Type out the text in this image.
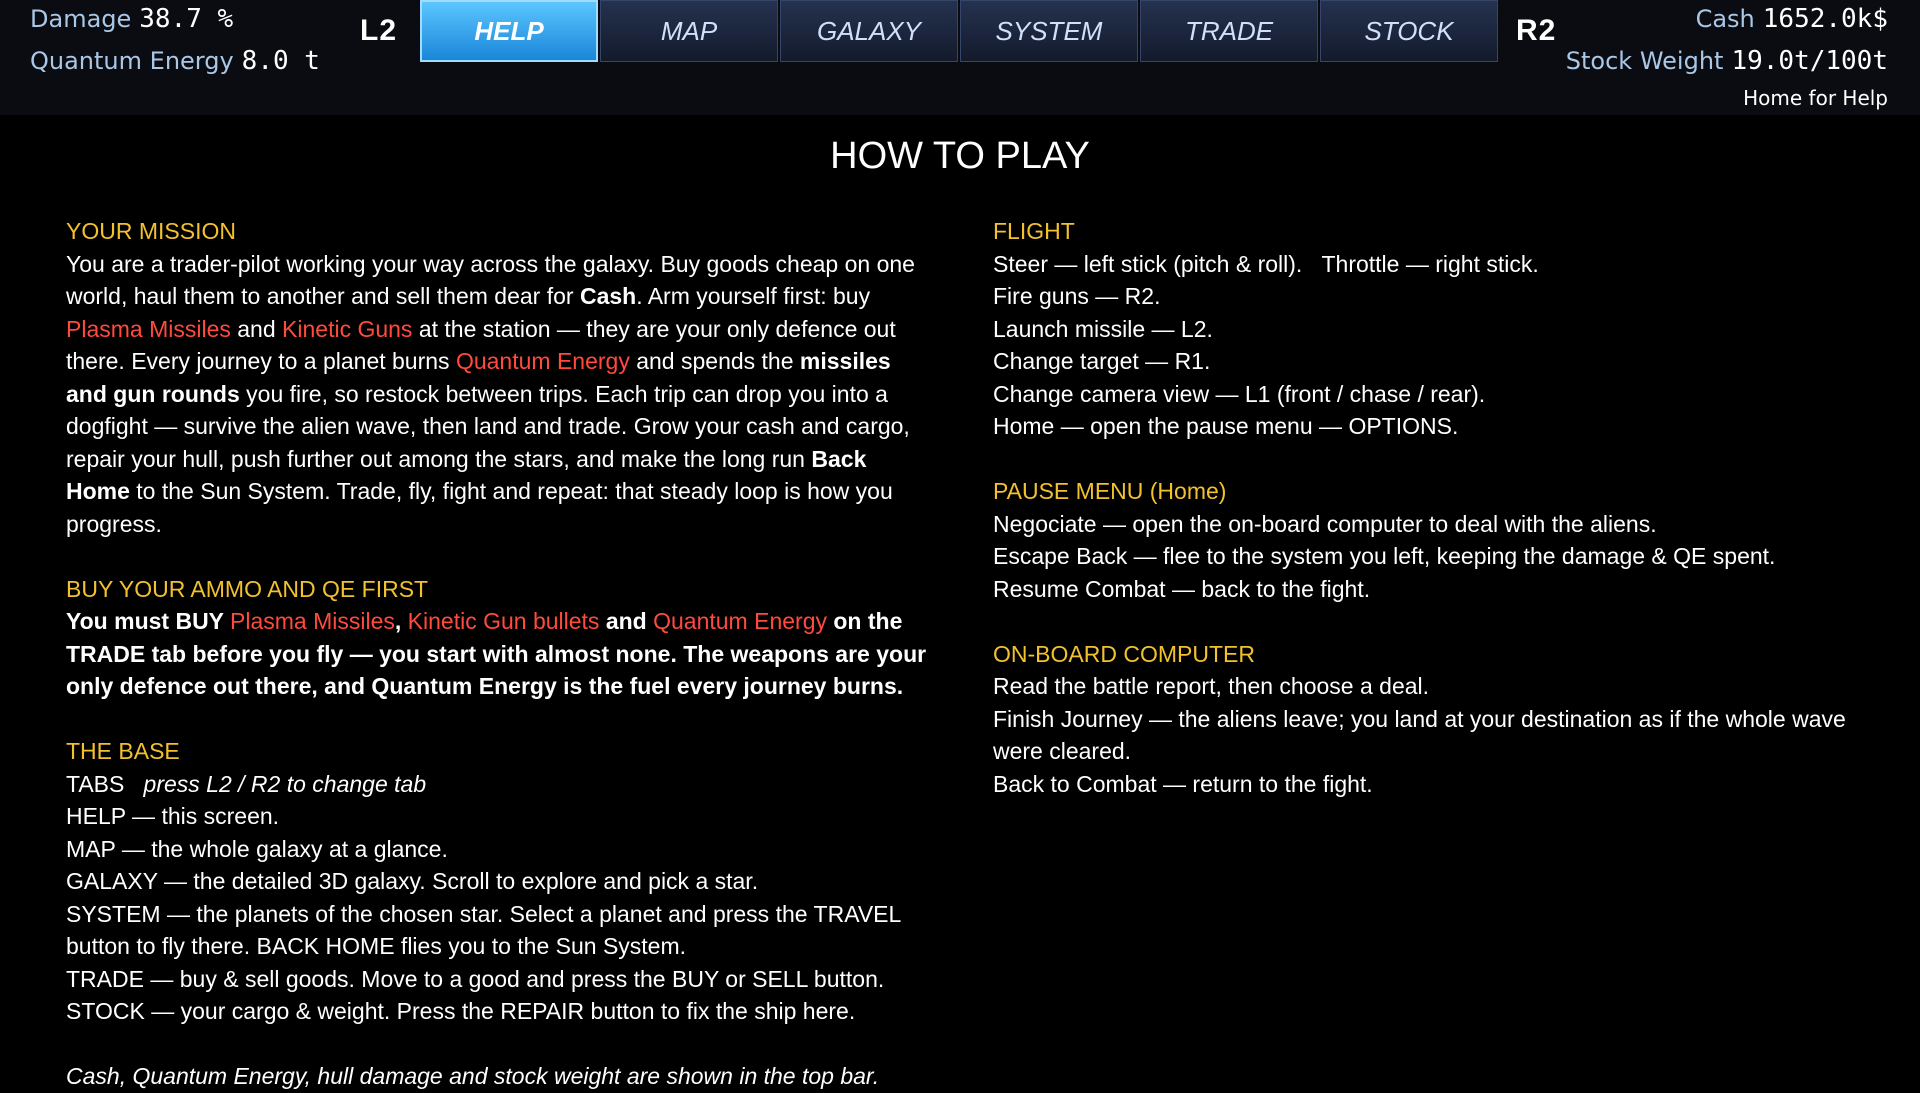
Damage 38.7 %
Quantum Energy 8.0 t
L2	HELP	MAP	GALAXY	SYSTEM	TRADE	STOCK	R2	Cash 1652.0k$
Stock Weight 19.0t/100t
Home for Help
HOW TO PLAY
YOUR MISSION
You are a trader-pilot working your way across the galaxy. Buy goods cheap on one world, haul them to another and sell them dear for Cash. Arm yourself first: buy Plasma Missiles and Kinetic Guns at the station — they are your only defence out there. Every journey to a planet burns Quantum Energy and spends the missiles and gun rounds you fire, so restock between trips. Each trip can drop you into a dogfight — survive the alien wave, then land and trade. Grow your cash and cargo, repair your hull, push further out among the stars, and make the long run Back Home to the Sun System. Trade, fly, fight and repeat: that steady loop is how you progress.
BUY YOUR AMMO AND QE FIRST
You must BUY Plasma Missiles, Kinetic Gun bullets and Quantum Energy on the TRADE tab before you fly — you start with almost none. The weapons are your only defence out there, and Quantum Energy is the fuel every journey burns.
THE BASE
TABS press L2 / R2 to change tab
HELP — this screen.
MAP — the whole galaxy at a glance.
GALAXY — the detailed 3D galaxy. Scroll to explore and pick a star.
SYSTEM — the planets of the chosen star. Select a planet and press the TRAVEL button to fly there. BACK HOME flies you to the Sun System.
TRADE — buy & sell goods. Move to a good and press the BUY or SELL button.
STOCK — your cargo & weight. Press the REPAIR button to fix the ship here.
Cash, Quantum Energy, hull damage and stock weight are shown in the top bar.
FLIGHT
Steer — left stick (pitch & roll). Throttle — right stick.
Fire guns — R2.
Launch missile — L2.
Change target — R1.
Change camera view — L1 (front / chase / rear).
Home — open the pause menu — OPTIONS.
PAUSE MENU (Home)
Negociate — open the on-board computer to deal with the aliens.
Escape Back — flee to the system you left, keeping the damage & QE spent.
Resume Combat — back to the fight.
ON-BOARD COMPUTER
Read the battle report, then choose a deal.
Finish Journey — the aliens leave; you land at your destination as if the whole wave were cleared.
Back to Combat — return to the fight.
